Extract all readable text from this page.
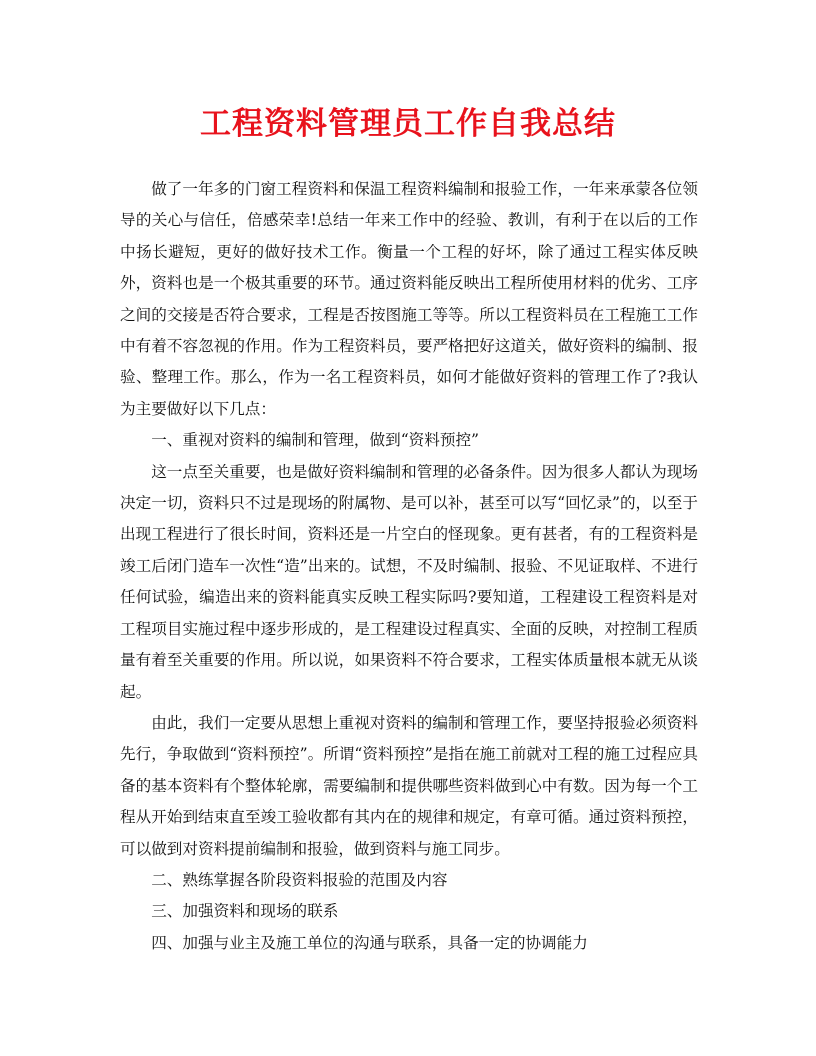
工程资料管理员工作自我总结

做了一年多的门窗工程资料和保温工程资料编制和报验工作，一年来承蒙各位领导的关心与信任，倍感荣幸!总结一年来工作中的经验、教训，有利于在以后的工作中扬长避短，更好的做好技术工作。衡量一个工程的好坏，除了通过工程实体反映外，资料也是一个极其重要的环节。通过资料能反映出工程所使用材料的优劣、工序之间的交接是否符合要求，工程是否按图施工等等。所以工程资料员在工程施工工作中有着不容忽视的作用。作为工程资料员，要严格把好这道关，做好资料的编制、报验、整理工作。那么，作为一名工程资料员，如何才能做好资料的管理工作了?我认为主要做好以下几点：

一、重视对资料的编制和管理，做到“资料预控”

这一点至关重要，也是做好资料编制和管理的必备条件。因为很多人都认为现场决定一切，资料只不过是现场的附属物、是可以补，甚至可以写“回忆录”的，以至于出现工程进行了很长时间，资料还是一片空白的怪现象。更有甚者，有的工程资料是竣工后闭门造车一次性“造”出来的。试想，不及时编制、报验、不见证取样、不进行任何试验，编造出来的资料能真实反映工程实际吗?要知道，工程建设工程资料是对工程项目实施过程中逐步形成的，是工程建设过程真实、全面的反映，对控制工程质量有着至关重要的作用。所以说，如果资料不符合要求，工程实体质量根本就无从谈起。

由此，我们一定要从思想上重视对资料的编制和管理工作，要坚持报验必须资料先行，争取做到“资料预控”。所谓“资料预控”是指在施工前就对工程的施工过程应具备的基本资料有个整体轮廓，需要编制和提供哪些资料做到心中有数。因为每一个工程从开始到结束直至竣工验收都有其内在的规律和规定，有章可循。通过资料预控，可以做到对资料提前编制和报验，做到资料与施工同步。

二、熟练掌握各阶段资料报验的范围及内容

三、加强资料和现场的联系

四、加强与业主及施工单位的沟通与联系，具备一定的协调能力
